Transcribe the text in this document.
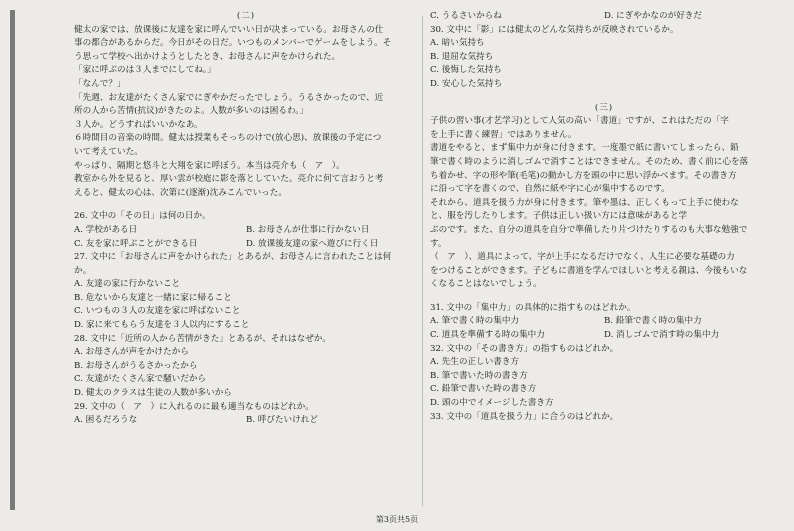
(二)
健太の家では、放课後に友達を家に呼んでいい日が决まっている。お母さんの仕
事の都合があるからだ。今日がその日だ。いつものメンバーでゲームをしよう。そ
う思って学校へ出かけようとしたとき、お母さんに声をかけられた。
「家に呼ぶのは３人までにしてね。」
「なんで？」
「先週、お友達がたくさん家でにぎやかだったでしょう。うるさかったので、近
所の人から苦情(抗议)がきたのよ。人数が多いのは困るわ。」
３人か。どうすればいいかなあ。
６時間目の音楽の時間。健太は授業もそっちのけで(放心思)、放课後の予定につ
いて考えていた。
やっぱり、隔期と悠斗と大翔を家に呼ぼう。本当は亮介も（　ア　）。
教室から外を見ると、厚い雲が校庭に影を落としていた。亮介に何て言おうと考
えると、健太の心は、次第に(逐渐)沈みこんでいった。
26. 文中の「その日」は何の日か。
A. 学校がある日	B. お母さんが仕事に行かない日
C. 友を家に呼ぶことができる日	D. 放课後友達の家へ遊びに行く日
27. 文中に「お母さんに声をかけられた」とあるが、お母さんに言われたことは何
か。
A. 友達の家に行かないこと
B. 危ないから友達と一緒に家に帰ること
C. いつもの３人の友達を家に呼ばないこと
D. 家に来てもらう友達を３人以内にすること
28. 文中に「近所の人から苦情がきた」とあるが、それはなぜか。
A. お母さんが声をかけたから
B. お母さんがうるさかったから
C. 友達がたくさん家で騒いだから
D. 健太のクラスは生徒の人数が多いから
29. 文中の（　ア　）に入れるのに最も適当なものはどれか。
A. 困るだろうな	B. 呼びたいけれど
C. うるさいからね	D. にぎやかなのが好きだ
30. 文中に「影」には健太のどんな気持ちが反映されているか。
A. 暗い気持ち
B. 退屈な気持ち
C. 後悔した気持ち
D. 安心した気持ち
(三)
子供の習い事(才艺学习)として人気の高い「書道」ですが、これはただの「字
を上手に書く練習」ではありません。
書道をやると、まず集中力が身に付きます。一度墨で紙に書いてしまったら、鉛
筆で書く時のように消しゴムで消すことはできません。そのため、書く前に心を落
ち着かせ、字の形や筆(毛笔)の動かし方を頭の中に思い浮かべます。その書き方
に沿って字を書くので、自然に紙や字に心が集中するのです。
それから、道具を扱う力が身に付きます。筆や墨は、正しくもって上手に使わな
と、服を汚したりします。子供は正しい扱い方には意味があると学
ぶのです。また、自分の道具を自分で準備したり片づけたりするのも大事な勉強で
す。
（　ア　）、道具によって、字が上手になるだけでなく、人生に必要な基礎の力
をつけることができます。子どもに書道を学んでほしいと考える親は、今後もいな
くなることはないでしょう。
31. 文中の「集中力」の具体的に指すものはどれか。
A. 筆で書く時の集中力	B. 鉛筆で書く時の集中力
C. 道具を準備する時の集中力	D. 消しゴムで消す時の集中力
32. 文中の「その書き方」の指すものはどれか。
A. 先生の正しい書き方
B. 筆で書いた時の書き方
C. 鉛筆で書いた時の書き方
D. 頭の中でイメージした書き方
33. 文中の「道具を扱う力」に合うのはどれか。
第3页共5页
